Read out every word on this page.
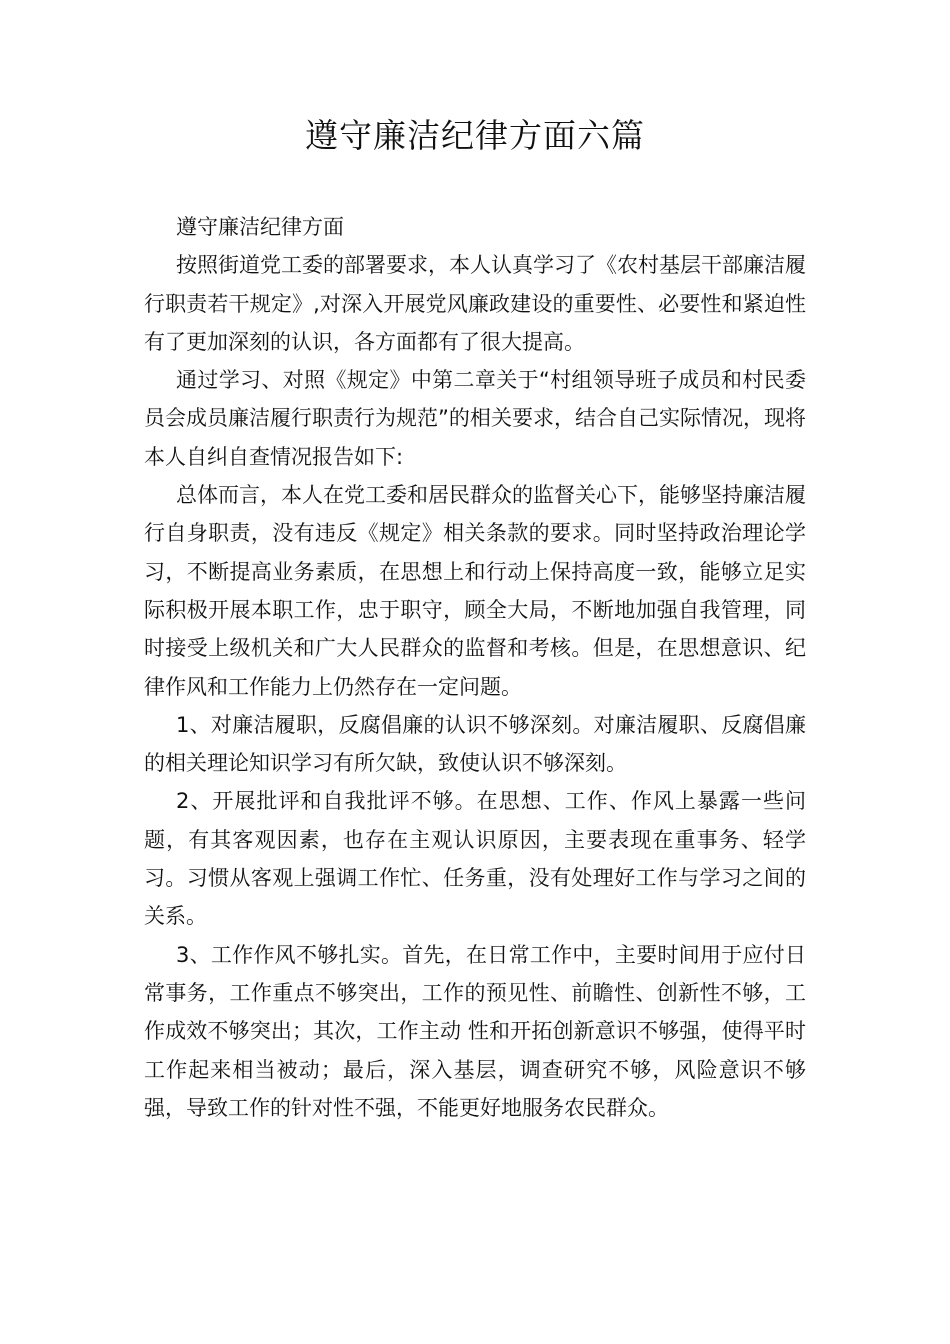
遵守廉洁纪律方面六篇

遵守廉洁纪律方面

按照街道党工委的部署要求，本人认真学习了《农村基层干部廉洁履行职责若干规定》,对深入开展党风廉政建设的重要性、必要性和紧迫性有了更加深刻的认识，各方面都有了很大提高。

通过学习、对照《规定》中第二章关于“村组领导班子成员和村民委员会成员廉洁履行职责行为规范”的相关要求，结合自己实际情况，现将本人自纠自查情况报告如下:

总体而言，本人在党工委和居民群众的监督关心下，能够坚持廉洁履行自身职责，没有违反《规定》相关条款的要求。同时坚持政治理论学习，不断提高业务素质，在思想上和行动上保持高度一致，能够立足实际积极开展本职工作，忠于职守，顾全大局，不断地加强自我管理，同时接受上级机关和广大人民群众的监督和考核。但是，在思想意识、纪律作风和工作能力上仍然存在一定问题。

1、对廉洁履职，反腐倡廉的认识不够深刻。对廉洁履职、反腐倡廉的相关理论知识学习有所欠缺，致使认识不够深刻。

2、开展批评和自我批评不够。在思想、工作、作风上暴露一些问题，有其客观因素，也存在主观认识原因，主要表现在重事务、轻学习。习惯从客观上强调工作忙、任务重，没有处理好工作与学习之间的关系。

3、工作作风不够扎实。首先，在日常工作中，主要时间用于应付日常事务，工作重点不够突出，工作的预见性、前瞻性、创新性不够，工作成效不够突出；其次，工作主动 性和开拓创新意识不够强，使得平时工作起来相当被动；最后，深入基层，调查研究不够，风险意识不够强，导致工作的针对性不强，不能更好地服务农民群众。
